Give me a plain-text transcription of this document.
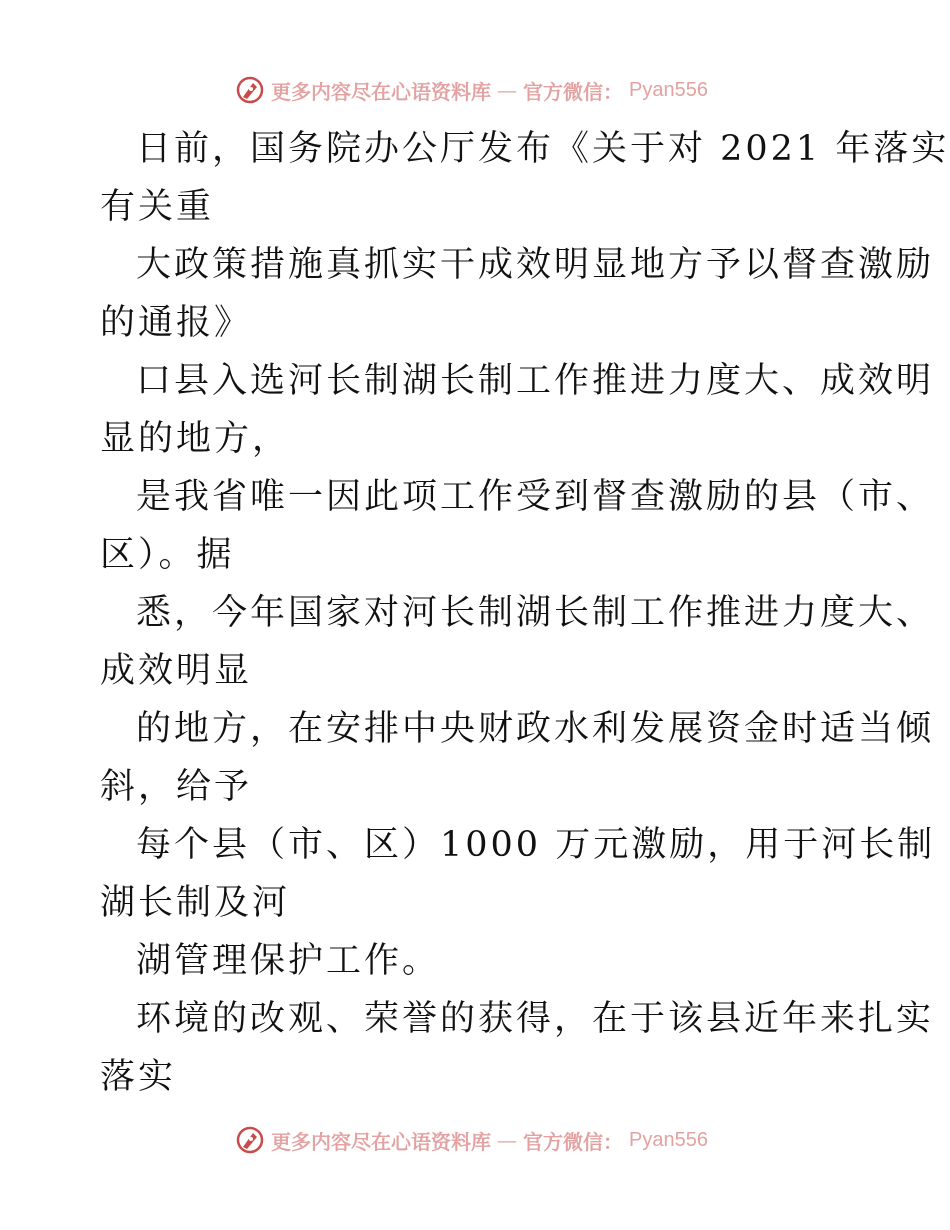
更多内容尽在心语资料库 — 官方微信： Pyan556
日前，国务院办公厅发布《关于对 2021 年落实
有关重
大政策措施真抓实干成效明显地方予以督查激励
的通报》
口县入选河长制湖长制工作推进力度大、成效明
显的地方，
是我省唯一因此项工作受到督查激励的县（市、
区）。据
悉，今年国家对河长制湖长制工作推进力度大、
成效明显
的地方，在安排中央财政水利发展资金时适当倾
斜，给予
每个县（市、区）1000 万元激励，用于河长制
湖长制及河
湖管理保护工作。
环境的改观、荣誉的获得，在于该县近年来扎实
落实
更多内容尽在心语资料库 — 官方微信： Pyan556
